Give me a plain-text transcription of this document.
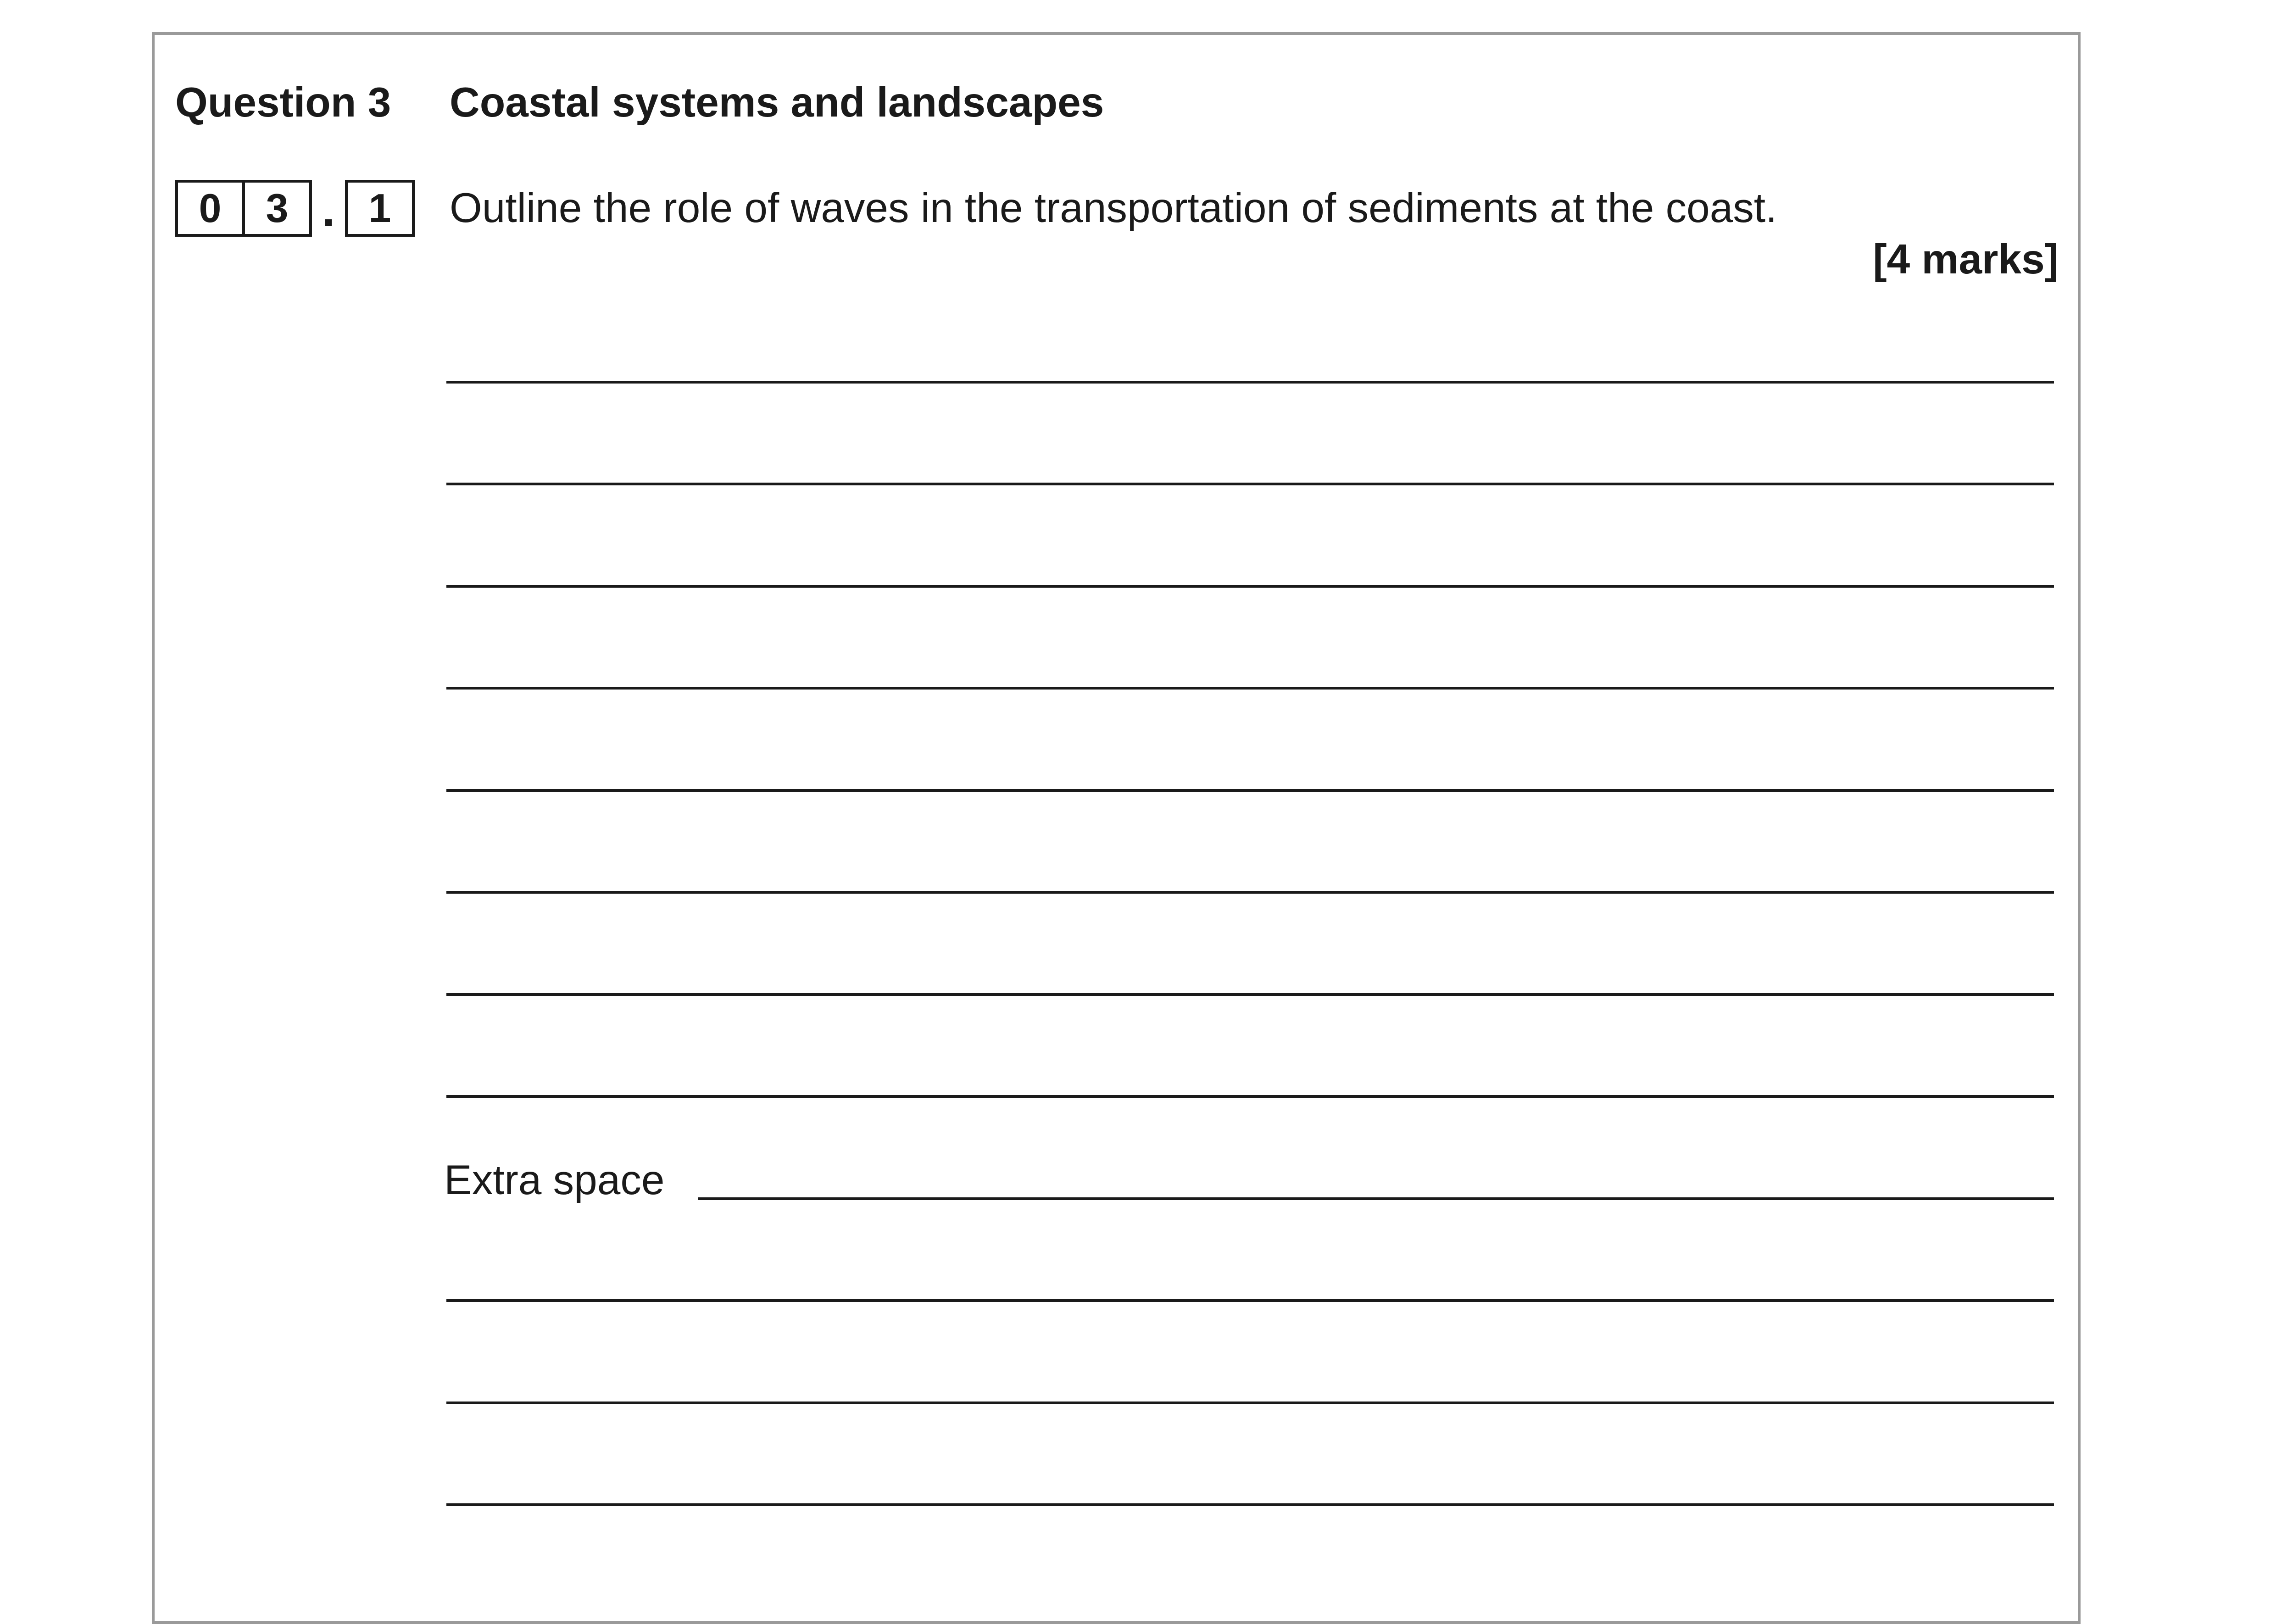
Question 3 Coastal systems and landscapes
0	3 . 1	Outline the role of waves in the transportation of sediments at the coast.
[4 marks]
Extra space
